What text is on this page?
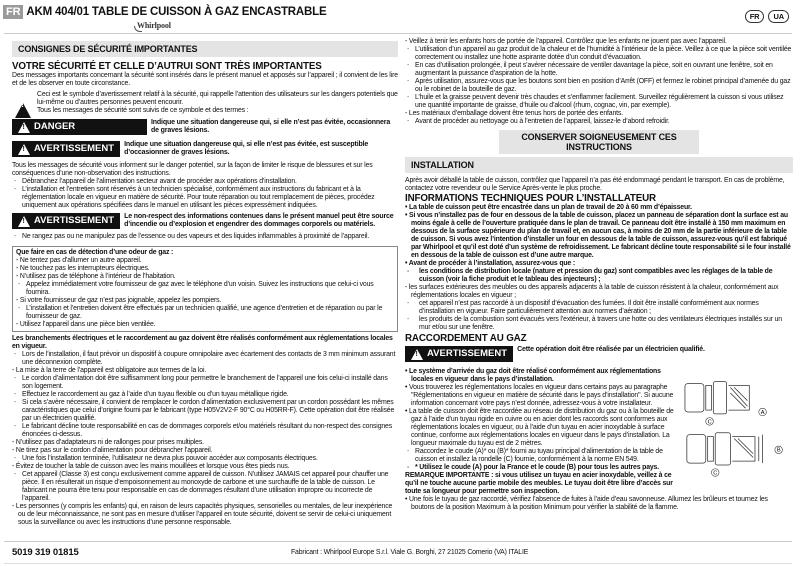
FR AKM 404/01 TABLE DE CUISSON À GAZ ENCASTRABLE
Whirlpool
FR	UA
CONSIGNES DE SÉCURITÉ IMPORTANTES
VOTRE SÉCURITÉ ET CELLE D’AUTRUI SONT TRÈS IMPORTANTES
Des messages importants concernant la sécurité sont insérés dans le présent manuel et apposés sur l’appareil ; il convient de les lire et de les observer en toute circonstance.
!
Ceci est le symbole d’avertissement relatif à la sécurité, qui rappelle l’attention des utilisateurs sur les dangers potentiels que lui-même ou d’autres personnes peuvent encourir.
Tous les messages de sécurité sont suivis de ce symbole et des termes :
!
DANGER	Indique une situation dangereuse qui, si elle n’est pas évitée, occasionnera de graves lésions.
!
AVERTISSEMENT Indique une situation dangereuse qui, si elle n’est pas évitée, est susceptible d’occasionner de graves lésions.
Tous les messages de sécurité vous informent sur le danger potentiel, sur la façon de limiter le risque de blessures et sur les conséquences d’une non-observation des instructions.
- Débranchez l’appareil de l’alimentation secteur avant de procéder aux opérations d’installation.
- L’installation et l’entretien sont réservés à un technicien spécialisé, conformément aux instructions du fabricant et à la réglementation locale en vigueur en matière de sécurité. Pour toute réparation ou tout remplacement de pièces, procédez uniquement aux opérations spécifiées dans le manuel en utilisant les pièces expressément indiquées.
!
AVERTISSEMENT Le non-respect des informations contenues dans le présent manuel peut être source d’incendie ou d’explosion et engendrer des dommages corporels ou matériels.
- Ne rangez pas ou ne manipulez pas de l’essence ou des vapeurs et des liquides inflammables à proximité de l’appareil.
Que faire en cas de détection d’une odeur de gaz :
- Ne tentez pas d’allumer un autre appareil.
- Ne touchez pas les interrupteurs électriques.
- N’utilisez pas de téléphone à l’intérieur de l’habitation.
- Appelez immédiatement votre fournisseur de gaz avec le téléphone d’un voisin. Suivez les instructions que celui-ci vous fournira.
- Si votre fournisseur de gaz n’est pas joignable, appelez les pompiers.
- L’installation et l’entretien doivent être effectués par un technicien qualifié, une agence d’entretien et de réparation ou par le fournisseur de gaz.
- Utilisez l’appareil dans une pièce bien ventilée.
Les branchements électriques et le raccordement au gaz doivent être réalisés conformément aux réglementations locales en vigueur.
- Lors de l’installation, il faut prévoir un dispositif à coupure omnipolaire avec écartement des contacts de 3 mm minimum assurant une déconnexion complète.
- La mise à la terre de l’appareil est obligatoire aux termes de la loi.
- Le cordon d’alimentation doit être suffisamment long pour permettre le branchement de l’appareil une fois celui-ci installé dans son logement.
- Effectuez le raccordement au gaz à l’aide d’un tuyau flexible ou d’un tuyau métallique rigide.
- Si cela s’avère nécessaire, il convient de remplacer le cordon d’alimentation exclusivement par un cordon possédant les mêmes caractéristiques que celui d’origine fourni par le fabricant (type H05V2V2-F 90°C ou H05RR-F). Cette opération doit être réalisée par un électricien qualifié.
- Le fabricant décline toute responsabilité en cas de dommages corporels et/ou matériels résultant du non-respect des consignes énoncées ci-dessus.
- N’utilisez pas d’adaptateurs ni de rallonges pour prises multiples.
- Ne tirez pas sur le cordon d’alimentation pour débrancher l’appareil.
- Une fois l’installation terminée, l’utilisateur ne devra plus pouvoir accéder aux composants électriques.
- Évitez de toucher la table de cuisson avec les mains mouillées et lorsque vous êtes pieds nus.
- Cet appareil (Classe 3) est conçu exclusivement comme appareil de cuisson. N’utilisez JAMAIS cet appareil pour chauffer une pièce. Il en résulterait un risque d’empoisonnement au monoxyde de carbone et une surchauffe de la table de cuisson. Le fabricant ne pourra être tenu pour responsable en cas de dommages résultant d’une utilisation impropre ou incorrecte de l’appareil.
- Les personnes (y compris les enfants) qui, en raison de leurs capacités physiques, sensorielles ou mentales, de leur inexpérience ou de leur méconnaissance, ne sont pas en mesure d’utiliser l’appareil en toute sécurité, doivent se servir de celui-ci uniquement sous la surveillance ou avec les instructions d’une personne responsable.
- Veillez à tenir les enfants hors de portée de l’appareil. Contrôlez que les enfants ne jouent pas avec l’appareil.
- L’utilisation d’un appareil au gaz produit de la chaleur et de l’humidité à l’intérieur de la pièce. Veillez à ce que la pièce soit ventilée correctement ou installez une hotte aspirante dotée d’un conduit d’évacuation.
- En cas d’utilisation prolongée, il peut s’avérer nécessaire de ventiler davantage la pièce, soit en ouvrant une fenêtre, soit en augmentant la puissance d’aspiration de la hotte.
- Après utilisation, assurez-vous que les boutons sont bien en position d’Arrêt (OFF) et fermez le robinet principal d’amenée du gaz ou le robinet de la bouteille de gaz.
- L’huile et la graisse peuvent devenir très chaudes et s’enflammer facilement. Surveillez régulièrement la cuisson si vous utilisez une quantité importante de graisse, d’huile ou d’alcool (rhum, cognac, vin, par exemple).
- Les matériaux d’emballage doivent être tenus hors de portée des enfants.
- Avant de procéder au nettoyage ou à l’entretien de l’appareil, laissez-le d’abord refroidir.
CONSERVER SOIGNEUSEMENT CES INSTRUCTIONS
INSTALLATION
Après avoir déballé la table de cuisson, contrôlez que l’appareil n’a pas été endommagé pendant le transport. En cas de problème, contactez votre revendeur ou le Service Après-vente le plus proche.
INFORMATIONS TECHNIQUES POUR L’INSTALLATEUR
• La table de cuisson peut être encastrée dans un plan de travail de 20 à 60 mm d’épaisseur.
• Si vous n’installez pas de four en dessous de la table de cuisson, placez un panneau de séparation dont la surface est au moins égale à celle de l’ouverture pratiquée dans le plan de travail. Ce panneau doit être installé à 150 mm maximum en dessous de la surface supérieure du plan de travail et, en aucun cas, à moins de 20 mm de la partie inférieure de la table de cuisson. Si vous avez l’intention d’installer un four en dessous de la table de cuisson, assurez-vous qu’il est fabriqué par Whirlpool et qu’il est doté d’un système de refroidissement. Le fabricant décline toute responsabilité si le four installé en dessous de la table de cuisson est d’une autre marque.
• Avant de procéder à l’installation, assurez-vous que :
- les conditions de distribution locale (nature et pression du gaz) sont compatibles avec les réglages de la table de cuisson (voir la fiche produit et le tableau des injecteurs) ;
- les surfaces extérieures des meubles ou des appareils adjacents à la table de cuisson résistent à la chaleur, conformément aux réglementations locales en vigueur ;
- cet appareil n’est pas raccordé à un dispositif d’évacuation des fumées. Il doit être installé conformément aux normes d’installation en vigueur. Faire particulièrement attention aux normes d’aération ;
- les produits de la combustion sont évacués vers l’extérieur, à travers une hotte ou des ventilateurs électriques installés sur un mur et/ou sur une fenêtre.
RACCORDEMENT AU GAZ
!
AVERTISSEMENT Cette opération doit être réalisée par un électricien qualifié.
A
B
C
C
• Le système d’arrivée du gaz doit être réalisé conformément aux réglementations locales en vigueur dans le pays d’installation.
• Vous trouverez les réglementations locales en vigueur dans certains pays au paragraphe "Réglementations en vigueur en matière de sécurité dans le pays d’installation". Si aucune information concernant votre pays n’est donnée, adressez-vous à votre installateur.
• La table de cuisson doit être raccordée au réseau de distribution du gaz ou à la bouteille de gaz à l’aide d’un tuyau rigide en cuivre ou en acier dont les raccords sont conformes aux réglementations locales en vigueur, ou à l’aide d’un tuyau en acier inoxydable à surface continue, conforme aux réglementations locales en vigueur dans le pays d’installation. La longueur maximale du tuyau est de 2 mètres.
- Raccordez le coude (A)* ou (B)* fourni au tuyau principal d’alimentation de la table de cuisson et installez la rondelle (C) fournie, conformément à la norme EN 549.
- * Utilisez le coude (A) pour la France et le coude (B) pour tous les autres pays.
REMARQUE IMPORTANTE : si vous utilisez un tuyau en acier inoxydable, veillez à ce qu’il ne touche aucune partie mobile des meubles. Le tuyau doit être libre d’accès sur toute sa longueur pour permettre son inspection.
• Une fois le tuyau de gaz raccordé, vérifiez l’absence de fuites à l’aide d’eau savonneuse. Allumez les brûleurs et tournez les boutons de la position Maximum à la position Minimum pour vérifier la stabilité de la flamme.
5019 319 01815	Fabricant : Whirlpool Europe S.r.l. Viale G. Borghi, 27 21025 Comerio (VA) ITALIE
